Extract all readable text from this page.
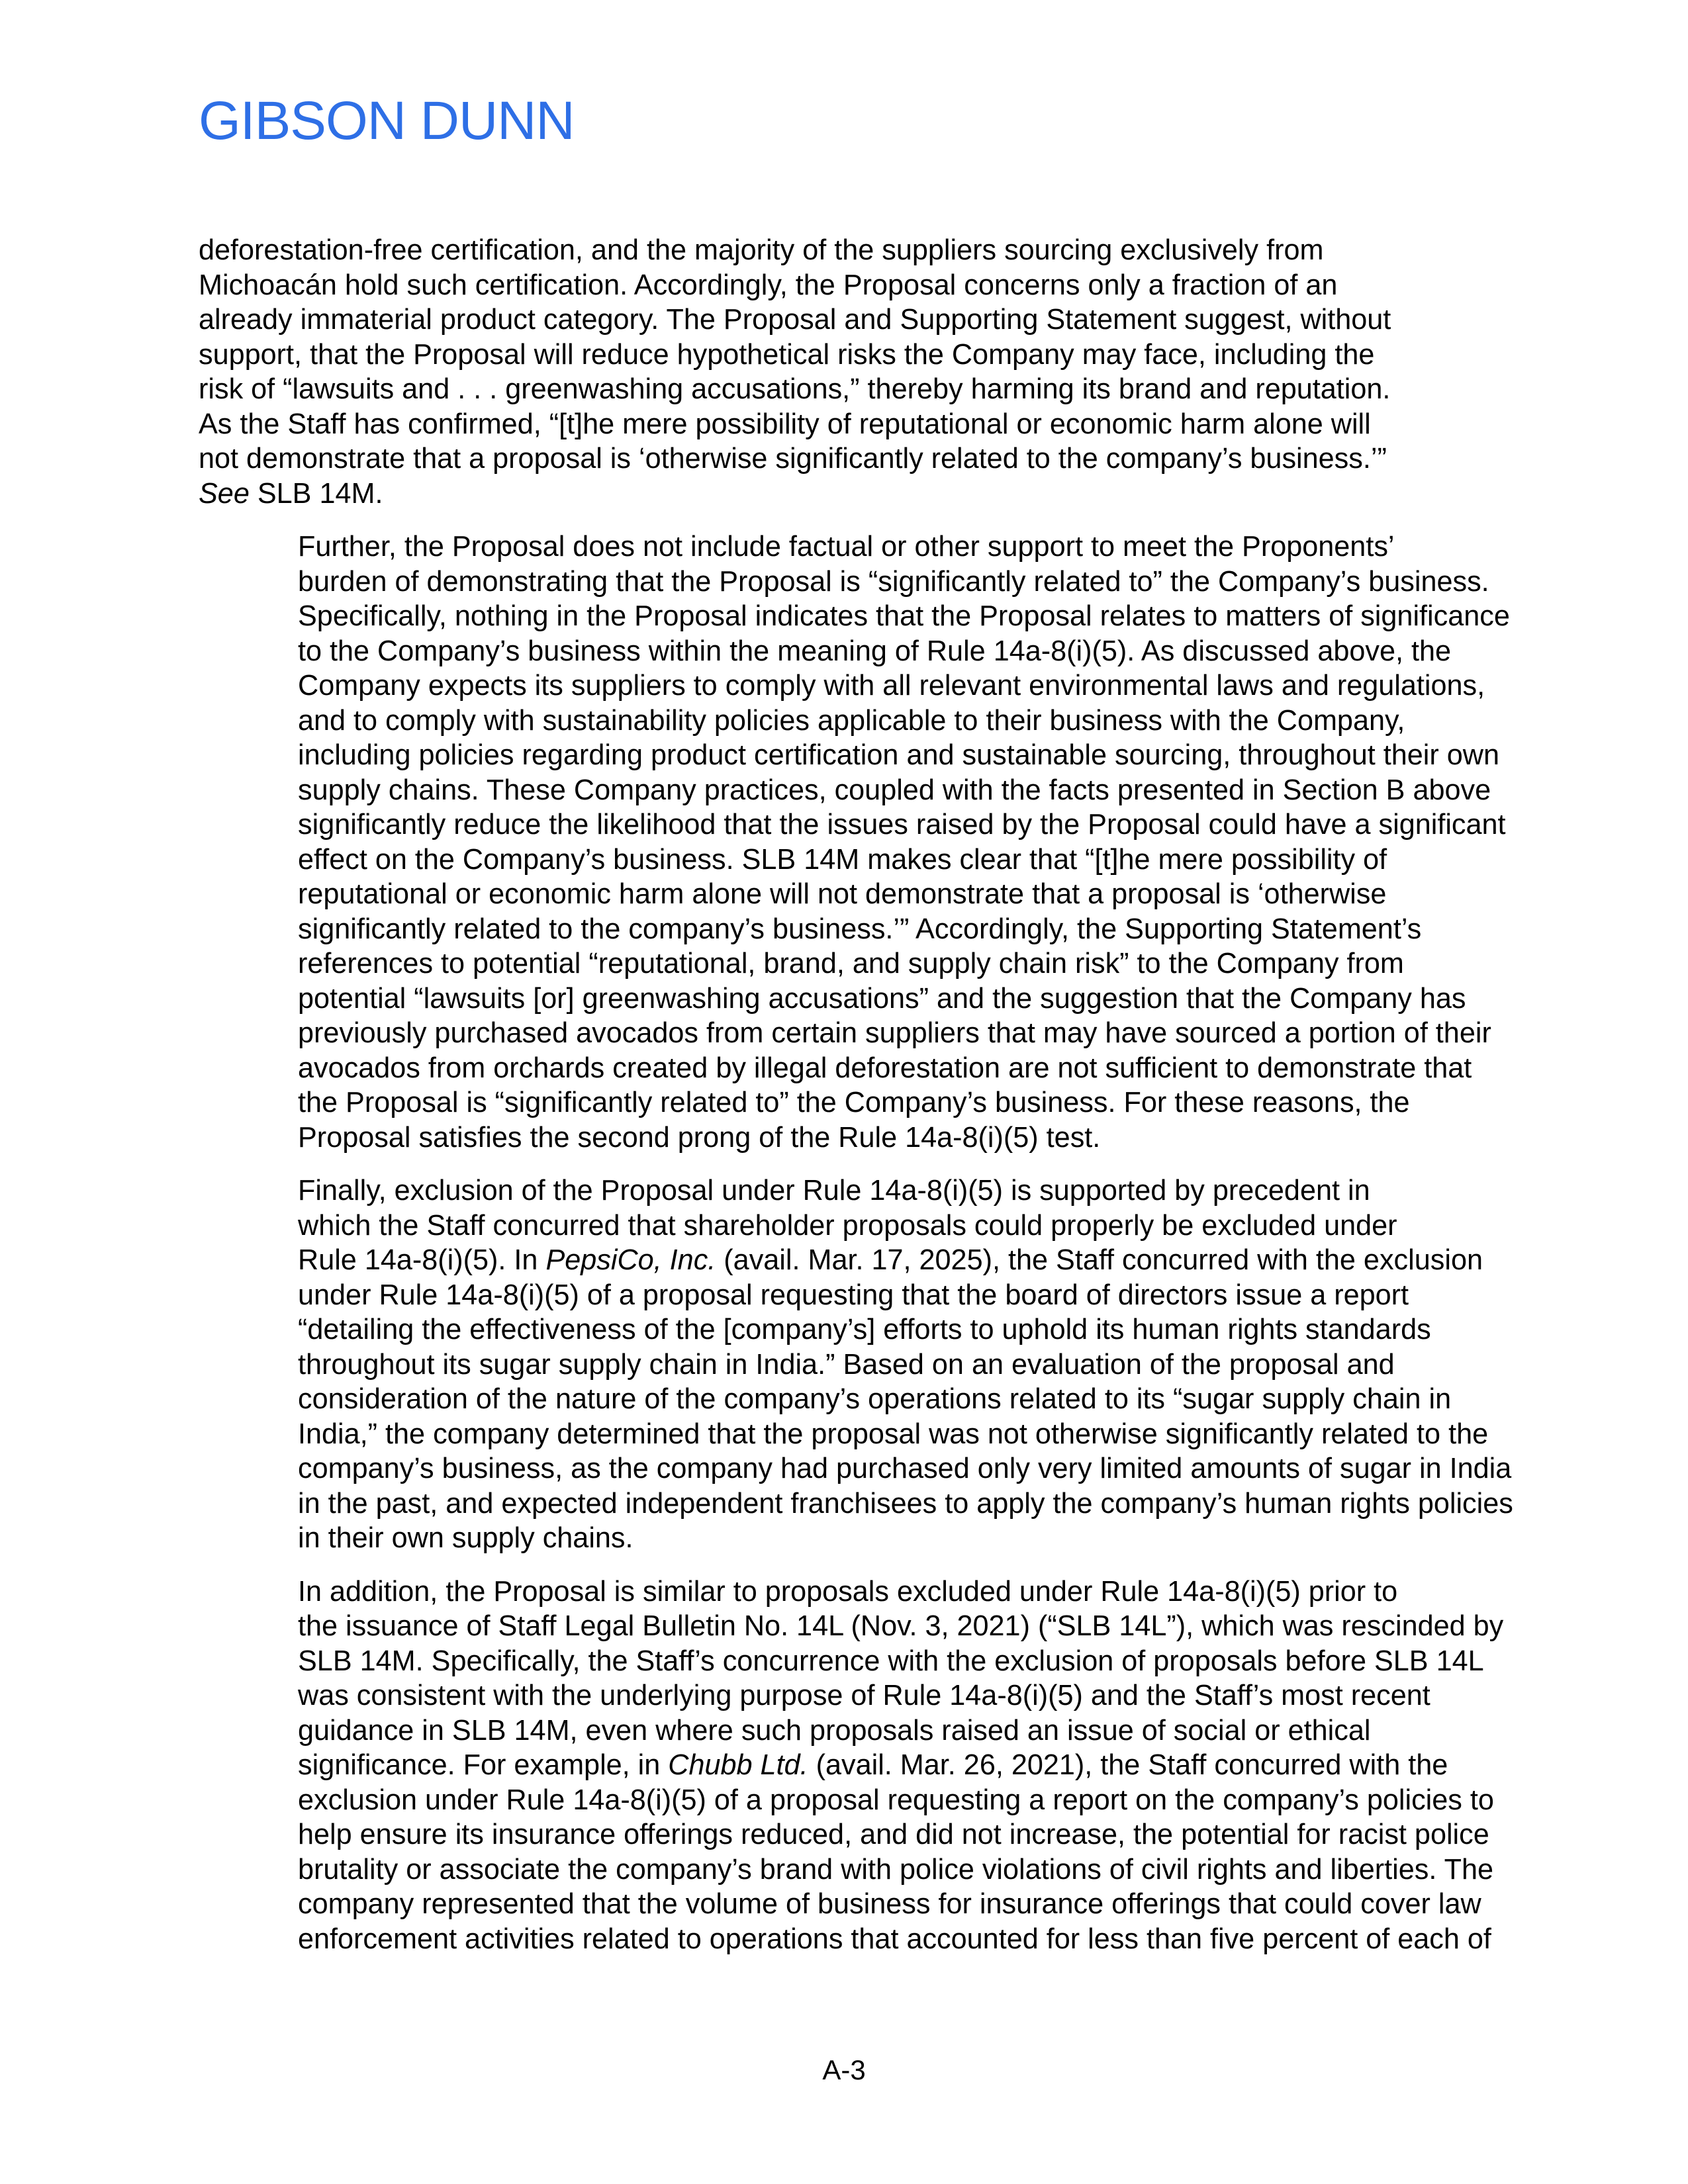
GIBSON DUNN

deforestation-free certification, and the majority of the suppliers sourcing exclusively from
Michoacán hold such certification. Accordingly, the Proposal concerns only a fraction of an
already immaterial product category. The Proposal and Supporting Statement suggest, without
support, that the Proposal will reduce hypothetical risks the Company may face, including the
risk of “lawsuits and . . . greenwashing accusations,” thereby harming its brand and reputation.
As the Staff has confirmed, “[t]he mere possibility of reputational or economic harm alone will
not demonstrate that a proposal is ‘otherwise significantly related to the company’s business.’”
See SLB 14M.

Further, the Proposal does not include factual or other support to meet the Proponents’
burden of demonstrating that the Proposal is “significantly related to” the Company’s business.
Specifically, nothing in the Proposal indicates that the Proposal relates to matters of significance
to the Company’s business within the meaning of Rule 14a-8(i)(5). As discussed above, the
Company expects its suppliers to comply with all relevant environmental laws and regulations,
and to comply with sustainability policies applicable to their business with the Company,
including policies regarding product certification and sustainable sourcing, throughout their own
supply chains. These Company practices, coupled with the facts presented in Section B above
significantly reduce the likelihood that the issues raised by the Proposal could have a significant
effect on the Company’s business. SLB 14M makes clear that “[t]he mere possibility of
reputational or economic harm alone will not demonstrate that a proposal is ‘otherwise
significantly related to the company’s business.’” Accordingly, the Supporting Statement’s
references to potential “reputational, brand, and supply chain risk” to the Company from
potential “lawsuits [or] greenwashing accusations” and the suggestion that the Company has
previously purchased avocados from certain suppliers that may have sourced a portion of their
avocados from orchards created by illegal deforestation are not sufficient to demonstrate that
the Proposal is “significantly related to” the Company’s business. For these reasons, the
Proposal satisfies the second prong of the Rule 14a-8(i)(5) test.

Finally, exclusion of the Proposal under Rule 14a-8(i)(5) is supported by precedent in
which the Staff concurred that shareholder proposals could properly be excluded under
Rule 14a-8(i)(5). In PepsiCo, Inc. (avail. Mar. 17, 2025), the Staff concurred with the exclusion
under Rule 14a-8(i)(5) of a proposal requesting that the board of directors issue a report
“detailing the effectiveness of the [company’s] efforts to uphold its human rights standards
throughout its sugar supply chain in India.” Based on an evaluation of the proposal and
consideration of the nature of the company’s operations related to its “sugar supply chain in
India,” the company determined that the proposal was not otherwise significantly related to the
company’s business, as the company had purchased only very limited amounts of sugar in India
in the past, and expected independent franchisees to apply the company’s human rights policies
in their own supply chains.

In addition, the Proposal is similar to proposals excluded under Rule 14a-8(i)(5) prior to
the issuance of Staff Legal Bulletin No. 14L (Nov. 3, 2021) (“SLB 14L”), which was rescinded by
SLB 14M. Specifically, the Staff’s concurrence with the exclusion of proposals before SLB 14L
was consistent with the underlying purpose of Rule 14a-8(i)(5) and the Staff’s most recent
guidance in SLB 14M, even where such proposals raised an issue of social or ethical
significance. For example, in Chubb Ltd. (avail. Mar. 26, 2021), the Staff concurred with the
exclusion under Rule 14a-8(i)(5) of a proposal requesting a report on the company’s policies to
help ensure its insurance offerings reduced, and did not increase, the potential for racist police
brutality or associate the company’s brand with police violations of civil rights and liberties. The
company represented that the volume of business for insurance offerings that could cover law
enforcement activities related to operations that accounted for less than five percent of each of

A-3
